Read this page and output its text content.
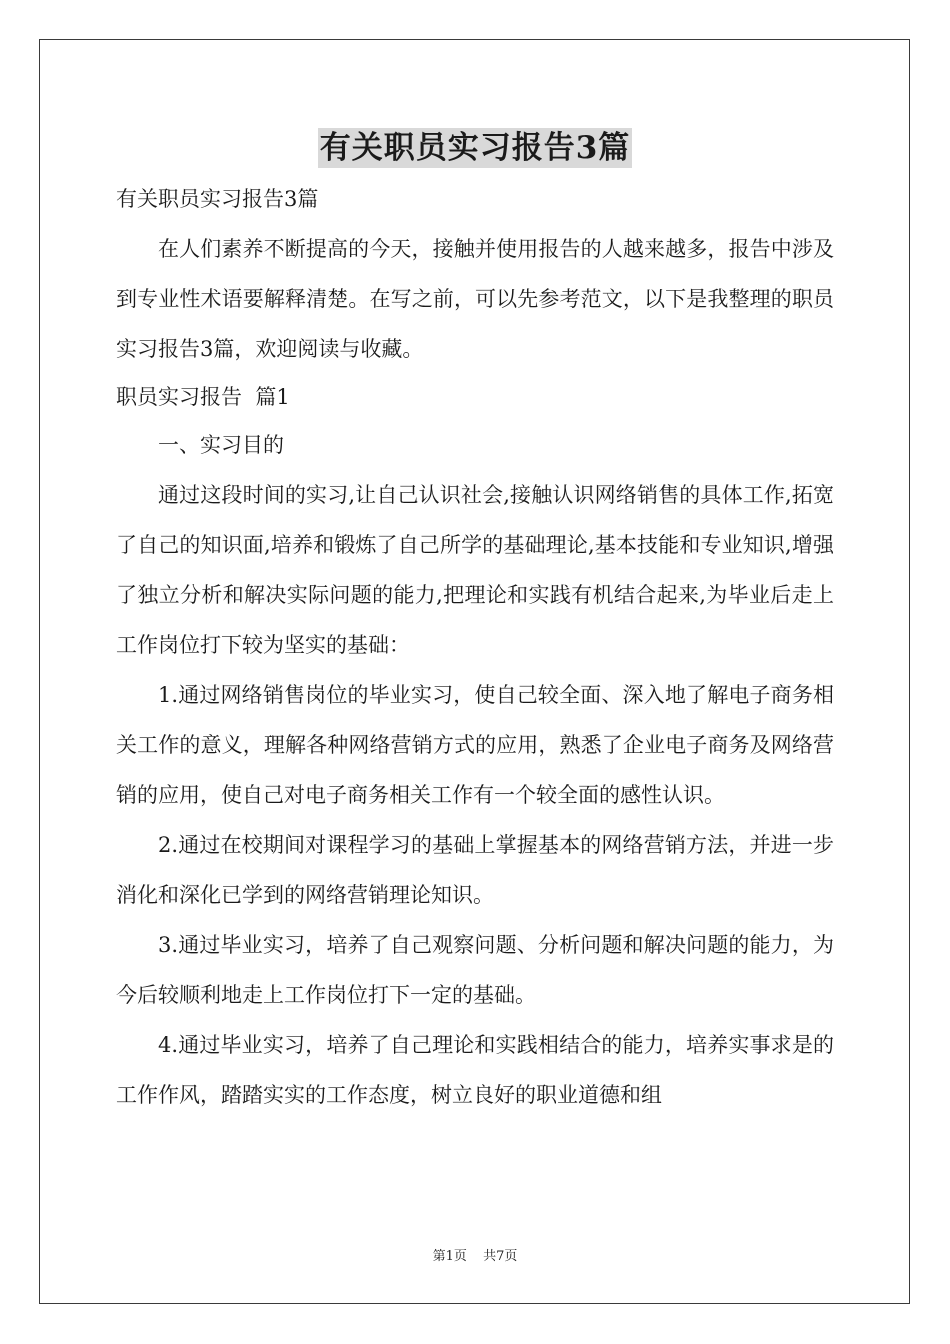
有关职员实习报告3篇
有关职员实习报告3篇

在人们素养不断提高的今天，接触并使用报告的人越来越多，报告中涉及到专业性术语要解释清楚。在写之前，可以先参考范文，以下是我整理的职员实习报告3篇，欢迎阅读与收藏。

职员实习报告  篇1

一、实习目的

通过这段时间的实习,让自己认识社会,接触认识网络销售的具体工作,拓宽了自己的知识面,培养和锻炼了自己所学的基础理论,基本技能和专业知识,增强了独立分析和解决实际问题的能力,把理论和实践有机结合起来,为毕业后走上工作岗位打下较为坚实的基础：

1.通过网络销售岗位的毕业实习，使自己较全面、深入地了解电子商务相关工作的意义，理解各种网络营销方式的应用，熟悉了企业电子商务及网络营销的应用，使自己对电子商务相关工作有一个较全面的感性认识。

2.通过在校期间对课程学习的基础上掌握基本的网络营销方法，并进一步消化和深化已学到的网络营销理论知识。

3.通过毕业实习，培养了自己观察问题、分析问题和解决问题的能力，为今后较顺利地走上工作岗位打下一定的基础。

4.通过毕业实习，培养了自己理论和实践相结合的能力，培养实事求是的工作作风，踏踏实实的工作态度，树立良好的职业道德和组

第1页 共7页
